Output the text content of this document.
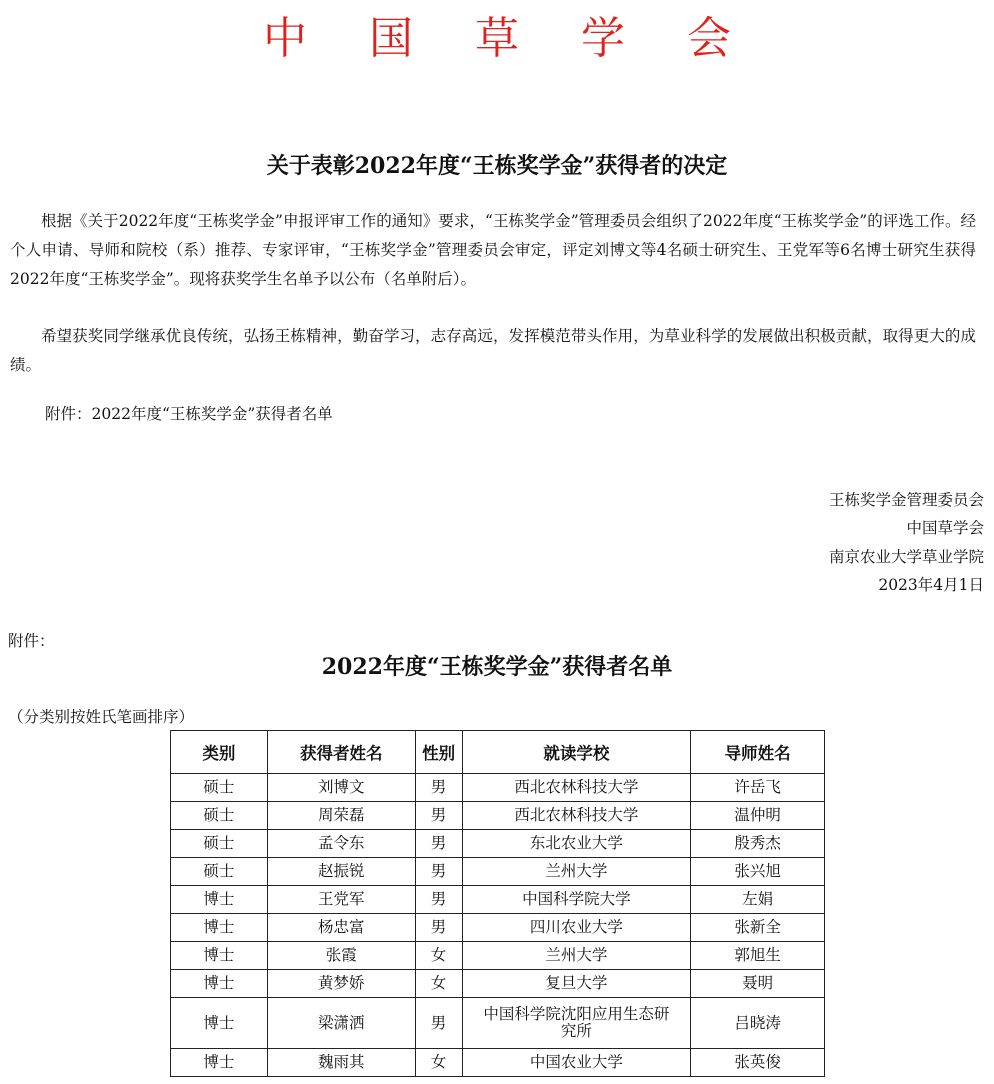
中国草学会
关于表彰2022年度“王栋奖学金”获得者的决定
根据《关于2022年度“王栋奖学金”申报评审工作的通知》要求，“王栋奖学金”管理委员会组织了2022年度“王栋奖学金”的评选工作。经个人申请、导师和院校（系）推荐、专家评审，“王栋奖学金”管理委员会审定，评定刘博文等4名硕士研究生、王党军等6名博士研究生获得2022年度“王栋奖学金”。现将获奖学生名单予以公布（名单附后）。
希望获奖同学继承优良传统，弘扬王栋精神，勤奋学习，志存高远，发挥模范带头作用，为草业科学的发展做出积极贡献，取得更大的成绩。
附件：2022年度“王栋奖学金”获得者名单
王栋奖学金管理委员会
中国草学会
南京农业大学草业学院
2023年4月1日
附件：
2022年度“王栋奖学金”获得者名单
（分类别按姓氏笔画排序）
类别	获得者姓名	性别	就读学校	导师姓名
硕士	刘博文	男	西北农林科技大学	许岳飞
硕士	周荣磊	男	西北农林科技大学	温仲明
硕士	孟令东	男	东北农业大学	殷秀杰
硕士	赵振锐	男	兰州大学	张兴旭
博士	王党军	男	中国科学院大学	左娟
博士	杨忠富	男	四川农业大学	张新全
博士	张霞	女	兰州大学	郭旭生
博士	黄梦娇	女	复旦大学	聂明
博士	梁潇洒	男	中国科学院沈阳应用生态研究所	吕晓涛
博士	魏雨其	女	中国农业大学	张英俊
